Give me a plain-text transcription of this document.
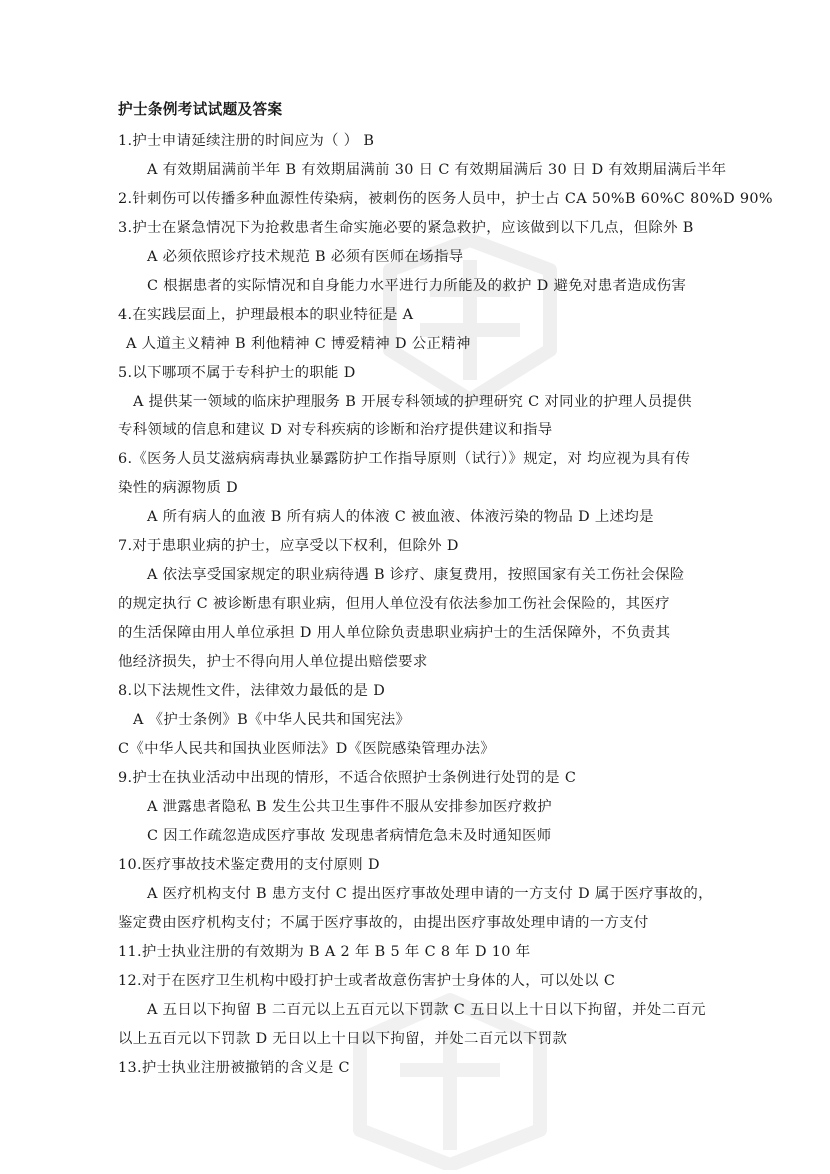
护士条例考试试题及答案
1.护士申请延续注册的时间应为（ ） B
A 有效期届满前半年 B 有效期届满前 30 日 C 有效期届满后 30 日 D 有效期届满后半年
2.针刺伤可以传播多种血源性传染病，被刺伤的医务人员中，护士占 CA 50%B 60%C 80%D 90%
3.护士在紧急情况下为抢救患者生命实施必要的紧急救护，应该做到以下几点，但除外 B
A 必须依照诊疗技术规范 B 必须有医师在场指导
C 根据患者的实际情况和自身能力水平进行力所能及的救护 D 避免对患者造成伤害
4.在实践层面上，护理最根本的职业特征是 A
A 人道主义精神 B 利他精神 C 博爱精神 D 公正精神
5.以下哪项不属于专科护士的职能 D
A 提供某一领域的临床护理服务 B 开展专科领域的护理研究 C 对同业的护理人员提供
专科领域的信息和建议 D 对专科疾病的诊断和治疗提供建议和指导
6.《医务人员艾滋病病毒执业暴露防护工作指导原则（试行）》规定，对 均应视为具有传
染性的病源物质 D
A 所有病人的血液 B 所有病人的体液 C 被血液、体液污染的物品 D 上述均是
7.对于患职业病的护士，应享受以下权利，但除外 D
A 依法享受国家规定的职业病待遇 B 诊疗、康复费用，按照国家有关工伤社会保险
的规定执行 C 被诊断患有职业病，但用人单位没有依法参加工伤社会保险的，其医疗
的生活保障由用人单位承担 D 用人单位除负责患职业病护士的生活保障外，不负责其
他经济损失，护士不得向用人单位提出赔偿要求
8.以下法规性文件，法律效力最低的是 D
A 《护士条例》B《中华人民共和国宪法》
C《中华人民共和国执业医师法》D《医院感染管理办法》
9.护士在执业活动中出现的情形，不适合依照护士条例进行处罚的是 C
A 泄露患者隐私 B 发生公共卫生事件不服从安排参加医疗救护
C 因工作疏忽造成医疗事故 发现患者病情危急未及时通知医师
10.医疗事故技术鉴定费用的支付原则 D
A 医疗机构支付 B 患方支付 C 提出医疗事故处理申请的一方支付 D 属于医疗事故的，
鉴定费由医疗机构支付；不属于医疗事故的，由提出医疗事故处理申请的一方支付
11.护士执业注册的有效期为 B A 2 年 B 5 年 C 8 年 D 10 年
12.对于在医疗卫生机构中殴打护士或者故意伤害护士身体的人，可以处以 C
A 五日以下拘留 B 二百元以上五百元以下罚款 C 五日以上十日以下拘留，并处二百元
以上五百元以下罚款 D 无日以上十日以下拘留，并处二百元以下罚款
13.护士执业注册被撤销的含义是 C
